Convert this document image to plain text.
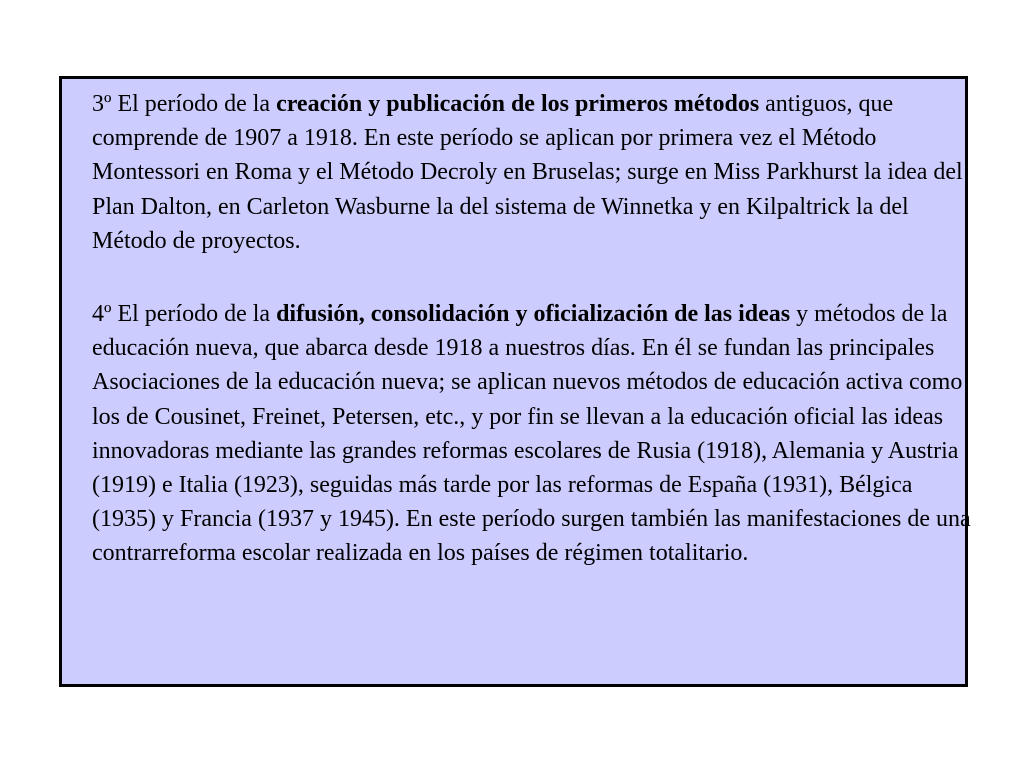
3º El período de la creación y publicación de los primeros métodos antiguos, que comprende de 1907 a 1918. En este período se aplican por primera vez el Método Montessori en Roma y el Método Decroly en Bruselas; surge en Miss Parkhurst la idea del Plan Dalton, en Carleton Wasburne la del sistema de Winnetka y en Kilpaltrick la del Método de proyectos.

4º El período de la difusión, consolidación y oficialización de las ideas y métodos de la educación nueva, que abarca desde 1918 a nuestros días. En él se fundan las principales Asociaciones de la educación nueva; se aplican nuevos métodos de educación activa como los de Cousinet, Freinet, Petersen, etc., y por fin se llevan a la educación oficial las ideas innovadoras mediante las grandes reformas escolares de Rusia (1918), Alemania y Austria (1919) e Italia (1923), seguidas más tarde por las reformas de España (1931), Bélgica (1935) y Francia (1937 y 1945). En este período surgen también las manifestaciones de una contrarreforma escolar realizada en los países de régimen totalitario.
